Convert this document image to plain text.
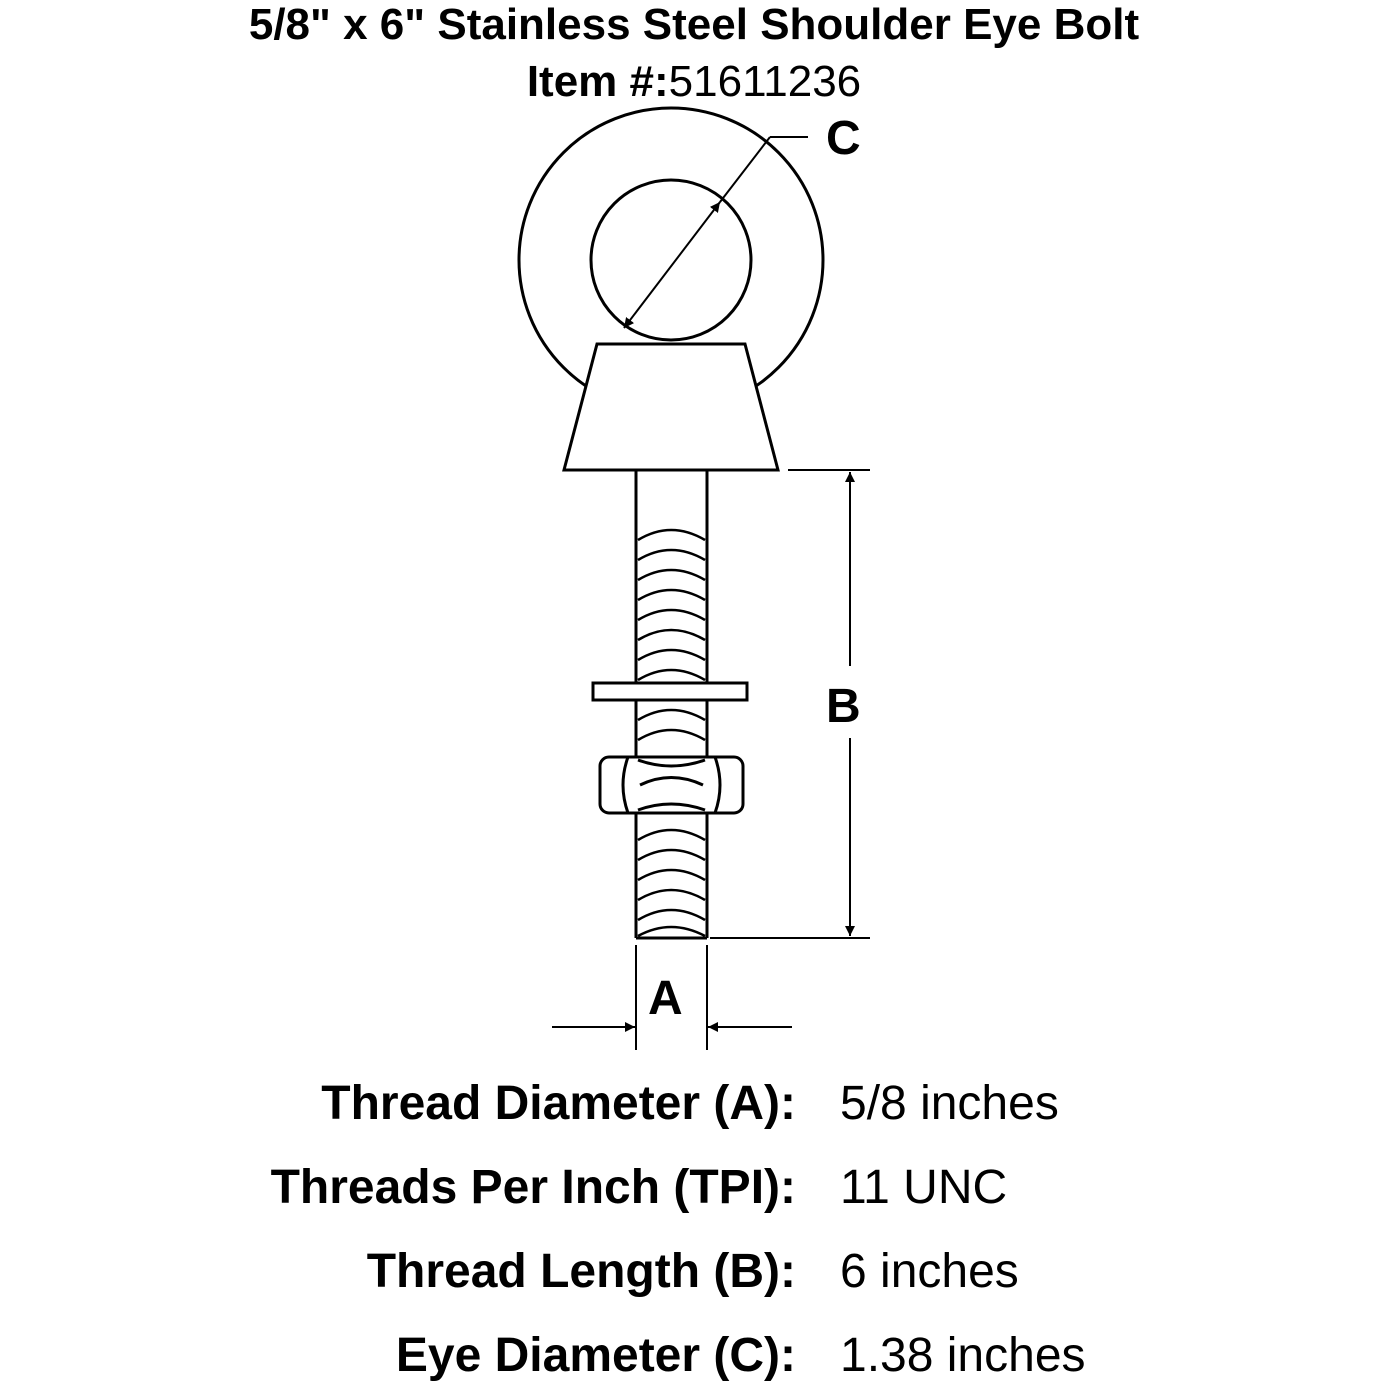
5/8" x 6" Stainless Steel Shoulder Eye Bolt
Item #:51611236
C
B
A
Thread Diameter (A): 5/8 inches
Threads Per Inch (TPI): 11 UNC
Thread Length (B): 6 inches
Eye Diameter (C): 1.38 inches
